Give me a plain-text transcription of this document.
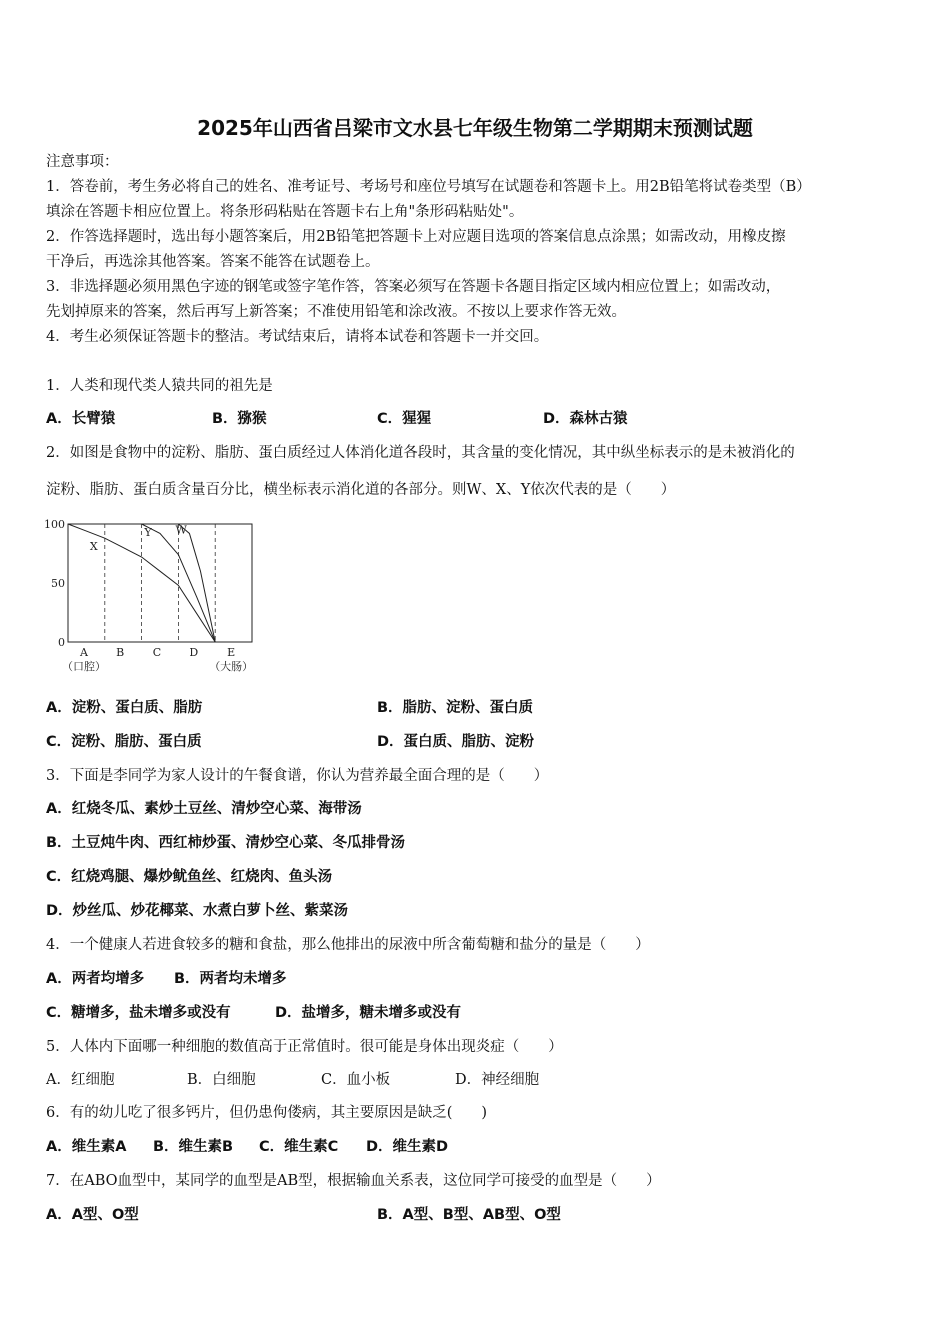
2025年山西省吕梁市文水县七年级生物第二学期期末预测试题
注意事项：
1．答卷前，考生务必将自己的姓名、准考证号、考场号和座位号填写在试题卷和答题卡上。用2B铅笔将试卷类型（B）
填涂在答题卡相应位置上。将条形码粘贴在答题卡右上角"条形码粘贴处"。
2．作答选择题时，选出每小题答案后，用2B铅笔把答题卡上对应题目选项的答案信息点涂黑；如需改动，用橡皮擦
干净后，再选涂其他答案。答案不能答在试题卷上。
3．非选择题必须用黑色字迹的钢笔或签字笔作答，答案必须写在答题卡各题目指定区域内相应位置上；如需改动，
先划掉原来的答案，然后再写上新答案；不准使用铅笔和涂改液。不按以上要求作答无效。
4．考生必须保证答题卡的整洁。考试结束后，请将本试卷和答题卡一并交回。
1．人类和现代类人猿共同的祖先是
A．长臂猿	B．猕猴	C．猩猩	D．森林古猿
2．如图是食物中的淀粉、脂肪、蛋白质经过人体消化道各段时，其含量的变化情况，其中纵坐标表示的是未被消化的
淀粉、脂肪、蛋白质含量百分比，横坐标表示消化道的各部分。则W、X、Y依次代表的是（　　）
100
50
0
A
（口腔）
B	C	D	E
（大肠）
X
Y W
A．淀粉、蛋白质、脂肪	B．脂肪、淀粉、蛋白质
C．淀粉、脂肪、蛋白质	D．蛋白质、脂肪、淀粉
3．下面是李同学为家人设计的午餐食谱，你认为营养最全面合理的是（　　）
A．红烧冬瓜、素炒土豆丝、清炒空心菜、海带汤
B．土豆炖牛肉、西红柿炒蛋、清炒空心菜、冬瓜排骨汤
C．红烧鸡腿、爆炒鱿鱼丝、红烧肉、鱼头汤
D．炒丝瓜、炒花椰菜、水煮白萝卜丝、紫菜汤
4．一个健康人若进食较多的糖和食盐，那么他排出的尿液中所含葡萄糖和盐分的量是（　　）
A．两者均增多 B．两者均未增多
C．糖增多，盐未增多或没有	D．盐增多，糖未增多或没有
5．人体内下面哪一种细胞的数值高于正常值时。很可能是身体出现炎症（　　）
A．红细胞	B．白细胞	C．血小板	D．神经细胞
6．有的幼儿吃了很多钙片，但仍患佝偻病，其主要原因是缺乏(　　)
A．维生素A B．维生素B C．维生素C D．维生素D
7．在ABO血型中，某同学的血型是AB型，根据输血关系表，这位同学可接受的血型是（　　）
A．A型、O型	B．A型、B型、AB型、O型
